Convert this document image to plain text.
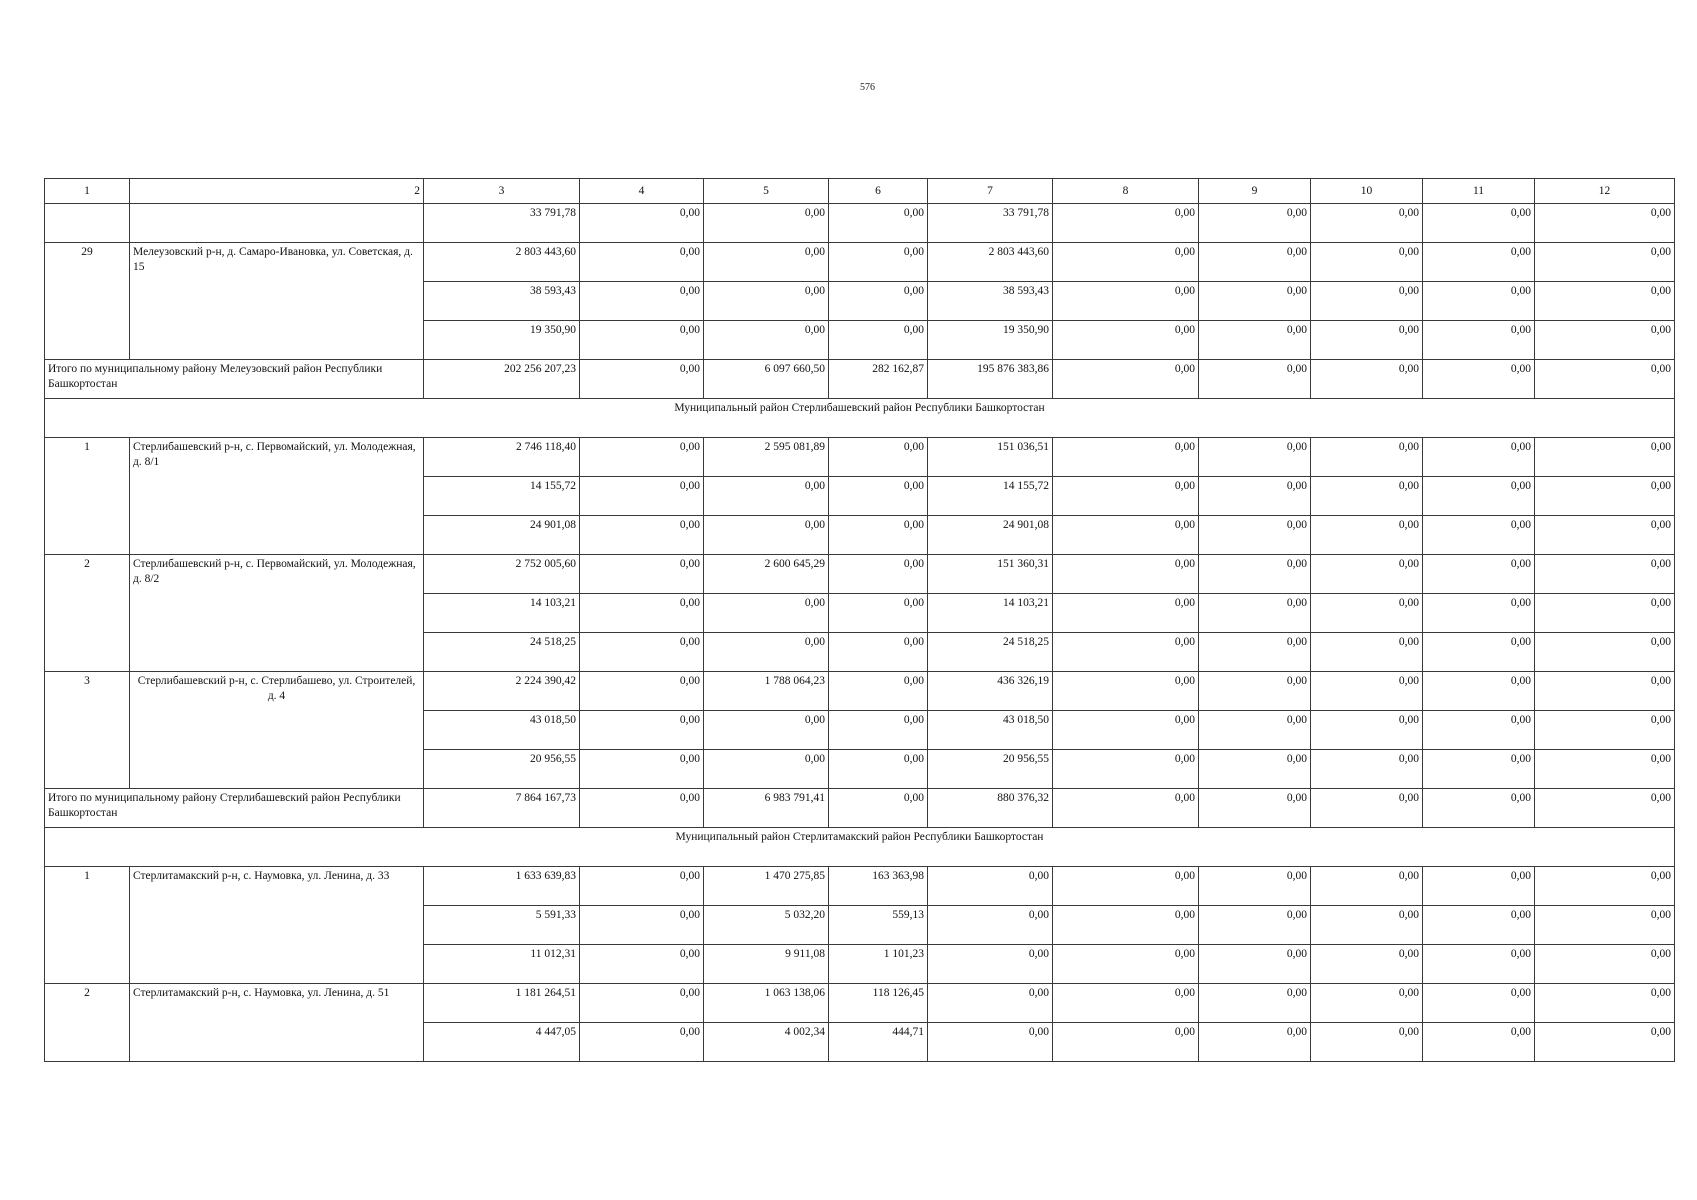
576
1	2	3	4	5	6	7	8	9	10	11	12
		33 791,78	0,00	0,00	0,00	33 791,78	0,00	0,00	0,00	0,00	0,00
29	Мелеузовский р-н, д. Самаро-Ивановка, ул. Советская, д. 15	2 803 443,60	0,00	0,00	0,00	2 803 443,60	0,00	0,00	0,00	0,00	0,00
		38 593,43	0,00	0,00	0,00	38 593,43	0,00	0,00	0,00	0,00	0,00
		19 350,90	0,00	0,00	0,00	19 350,90	0,00	0,00	0,00	0,00	0,00
Итого по муниципальному району Мелеузовский район Республики Башкортостан		202 256 207,23	0,00	6 097 660,50	282 162,87	195 876 383,86	0,00	0,00	0,00	0,00	0,00
Муниципальный район Стерлибашевский район Республики Башкортостан											
1	Стерлибашевский р-н, с. Первомайский, ул. Молодежная, д. 8/1	2 746 118,40	0,00	2 595 081,89	0,00	151 036,51	0,00	0,00	0,00	0,00	0,00
		14 155,72	0,00	0,00	0,00	14 155,72	0,00	0,00	0,00	0,00	0,00
		24 901,08	0,00	0,00	0,00	24 901,08	0,00	0,00	0,00	0,00	0,00
2	Стерлибашевский р-н, с. Первомайский, ул. Молодежная, д. 8/2	2 752 005,60	0,00	2 600 645,29	0,00	151 360,31	0,00	0,00	0,00	0,00	0,00
		14 103,21	0,00	0,00	0,00	14 103,21	0,00	0,00	0,00	0,00	0,00
		24 518,25	0,00	0,00	0,00	24 518,25	0,00	0,00	0,00	0,00	0,00
3	Стерлибашевский р-н, с. Стерлибашево, ул. Строителей, д. 4	2 224 390,42	0,00	1 788 064,23	0,00	436 326,19	0,00	0,00	0,00	0,00	0,00
		43 018,50	0,00	0,00	0,00	43 018,50	0,00	0,00	0,00	0,00	0,00
		20 956,55	0,00	0,00	0,00	20 956,55	0,00	0,00	0,00	0,00	0,00
Итого по муниципальному району Стерлибашевский район Республики Башкортостан		7 864 167,73	0,00	6 983 791,41	0,00	880 376,32	0,00	0,00	0,00	0,00	0,00
Муниципальный район Стерлитамакский район Республики Башкортостан											
1	Стерлитамакский р-н, с. Наумовка, ул. Ленина, д. 33	1 633 639,83	0,00	1 470 275,85	163 363,98	0,00	0,00	0,00	0,00	0,00	0,00
		5 591,33	0,00	5 032,20	559,13	0,00	0,00	0,00	0,00	0,00	0,00
		11 012,31	0,00	9 911,08	1 101,23	0,00	0,00	0,00	0,00	0,00	0,00
2	Стерлитамакский р-н, с. Наумовка, ул. Ленина, д. 51	1 181 264,51	0,00	1 063 138,06	118 126,45	0,00	0,00	0,00	0,00	0,00	0,00
		4 447,05	0,00	4 002,34	444,71	0,00	0,00	0,00	0,00	0,00	0,00
